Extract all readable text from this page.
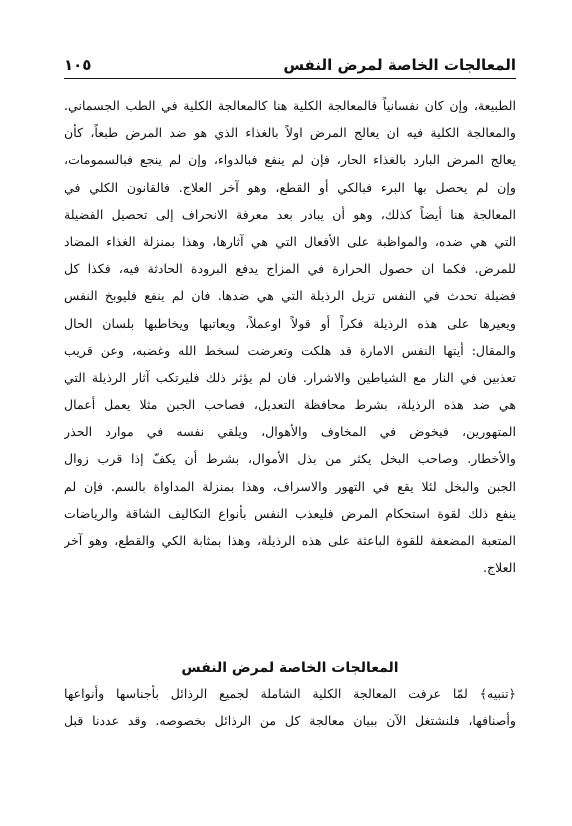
المعالجات الخاصة لمرض النفس
١٠٥
الطبيعة، وإن كان نفسانياً فالمعالجة الكلية هنا كالمعالجة الكلية في الطب الجسماني.
والمعالجة الكلية فيه ان يعالج المرض اولاً بالغذاء الذي هو ضد المرض طبعاً، كأن
يعالج المرض البارد بالغذاء الحار، فإن لم ينفع فبالدواء، وإن لم ينجع فبالسمومات،
وإن لم يحصل بها البرء فبالكي أو القطع، وهو آخر العلاج. فالقانون الكلي في
المعالجة هنا أيضاً كذلك، وهو أن يبادر بعد معرفة الانحراف إلى تحصيل الفضيلة
التي هي ضده، والمواظبة على الأفعال التي هي آثارها، وهذا بمنزلة الغذاء المضاد
للمرض. فكما ان حصول الحرارة في المزاج يدفع البرودة الحادثة فيه، فكذا كل
فضيلة تحدث في النفس تزيل الرذيلة التي هي ضدها. فان لم ينفع فليوبخ النفس
ويعيرها على هذه الرذيلة فكراً أو قولاً اوعملاً، ويعاتبها ويخاطبها بلسان الحال
والمقال: أيتها النفس الامارة قد هلكت وتعرضت لسخط الله وغضبه، وعن قريب
تعذبين في النار مع الشياطين والاشرار. فان لم يؤثر ذلك فليرتكب آثار الرذيلة التي
هي ضد هذه الرذيلة، بشرط محافظة التعديل، فصاحب الجبن مثلا يعمل أعمال
المتهورين، فيخوض في المخاوف والأهوال، ويلقي نفسه في موارد الحذر
والأخطار. وصاحب البخل يكثر من بذل الأموال، بشرط أن يكفّ إذا قرب زوال
الجبن والبخل لئلا يقع في التهور والاسراف، وهذا بمنزلة المداواة بالسم. فإن لم
ينفع ذلك لقوة استحكام المرض فليعذب النفس بأنواع التكاليف الشاقة والرياضات
المتعبة المضعفة للقوة الباعثة على هذه الرذيلة، وهذا بمثابة الكي والقطع، وهو آخر
العلاج.
المعالجات الخاصة لمرض النفس
﴿تنبيه﴾ لمّا عرفت المعالجة الكلية الشاملة لجميع الرذائل بأجناسها وأنواعها
وأصنافها، فلنشتغل الآن ببيان معالجة كل من الرذائل بخصوصه. وقد عددنا قبل
